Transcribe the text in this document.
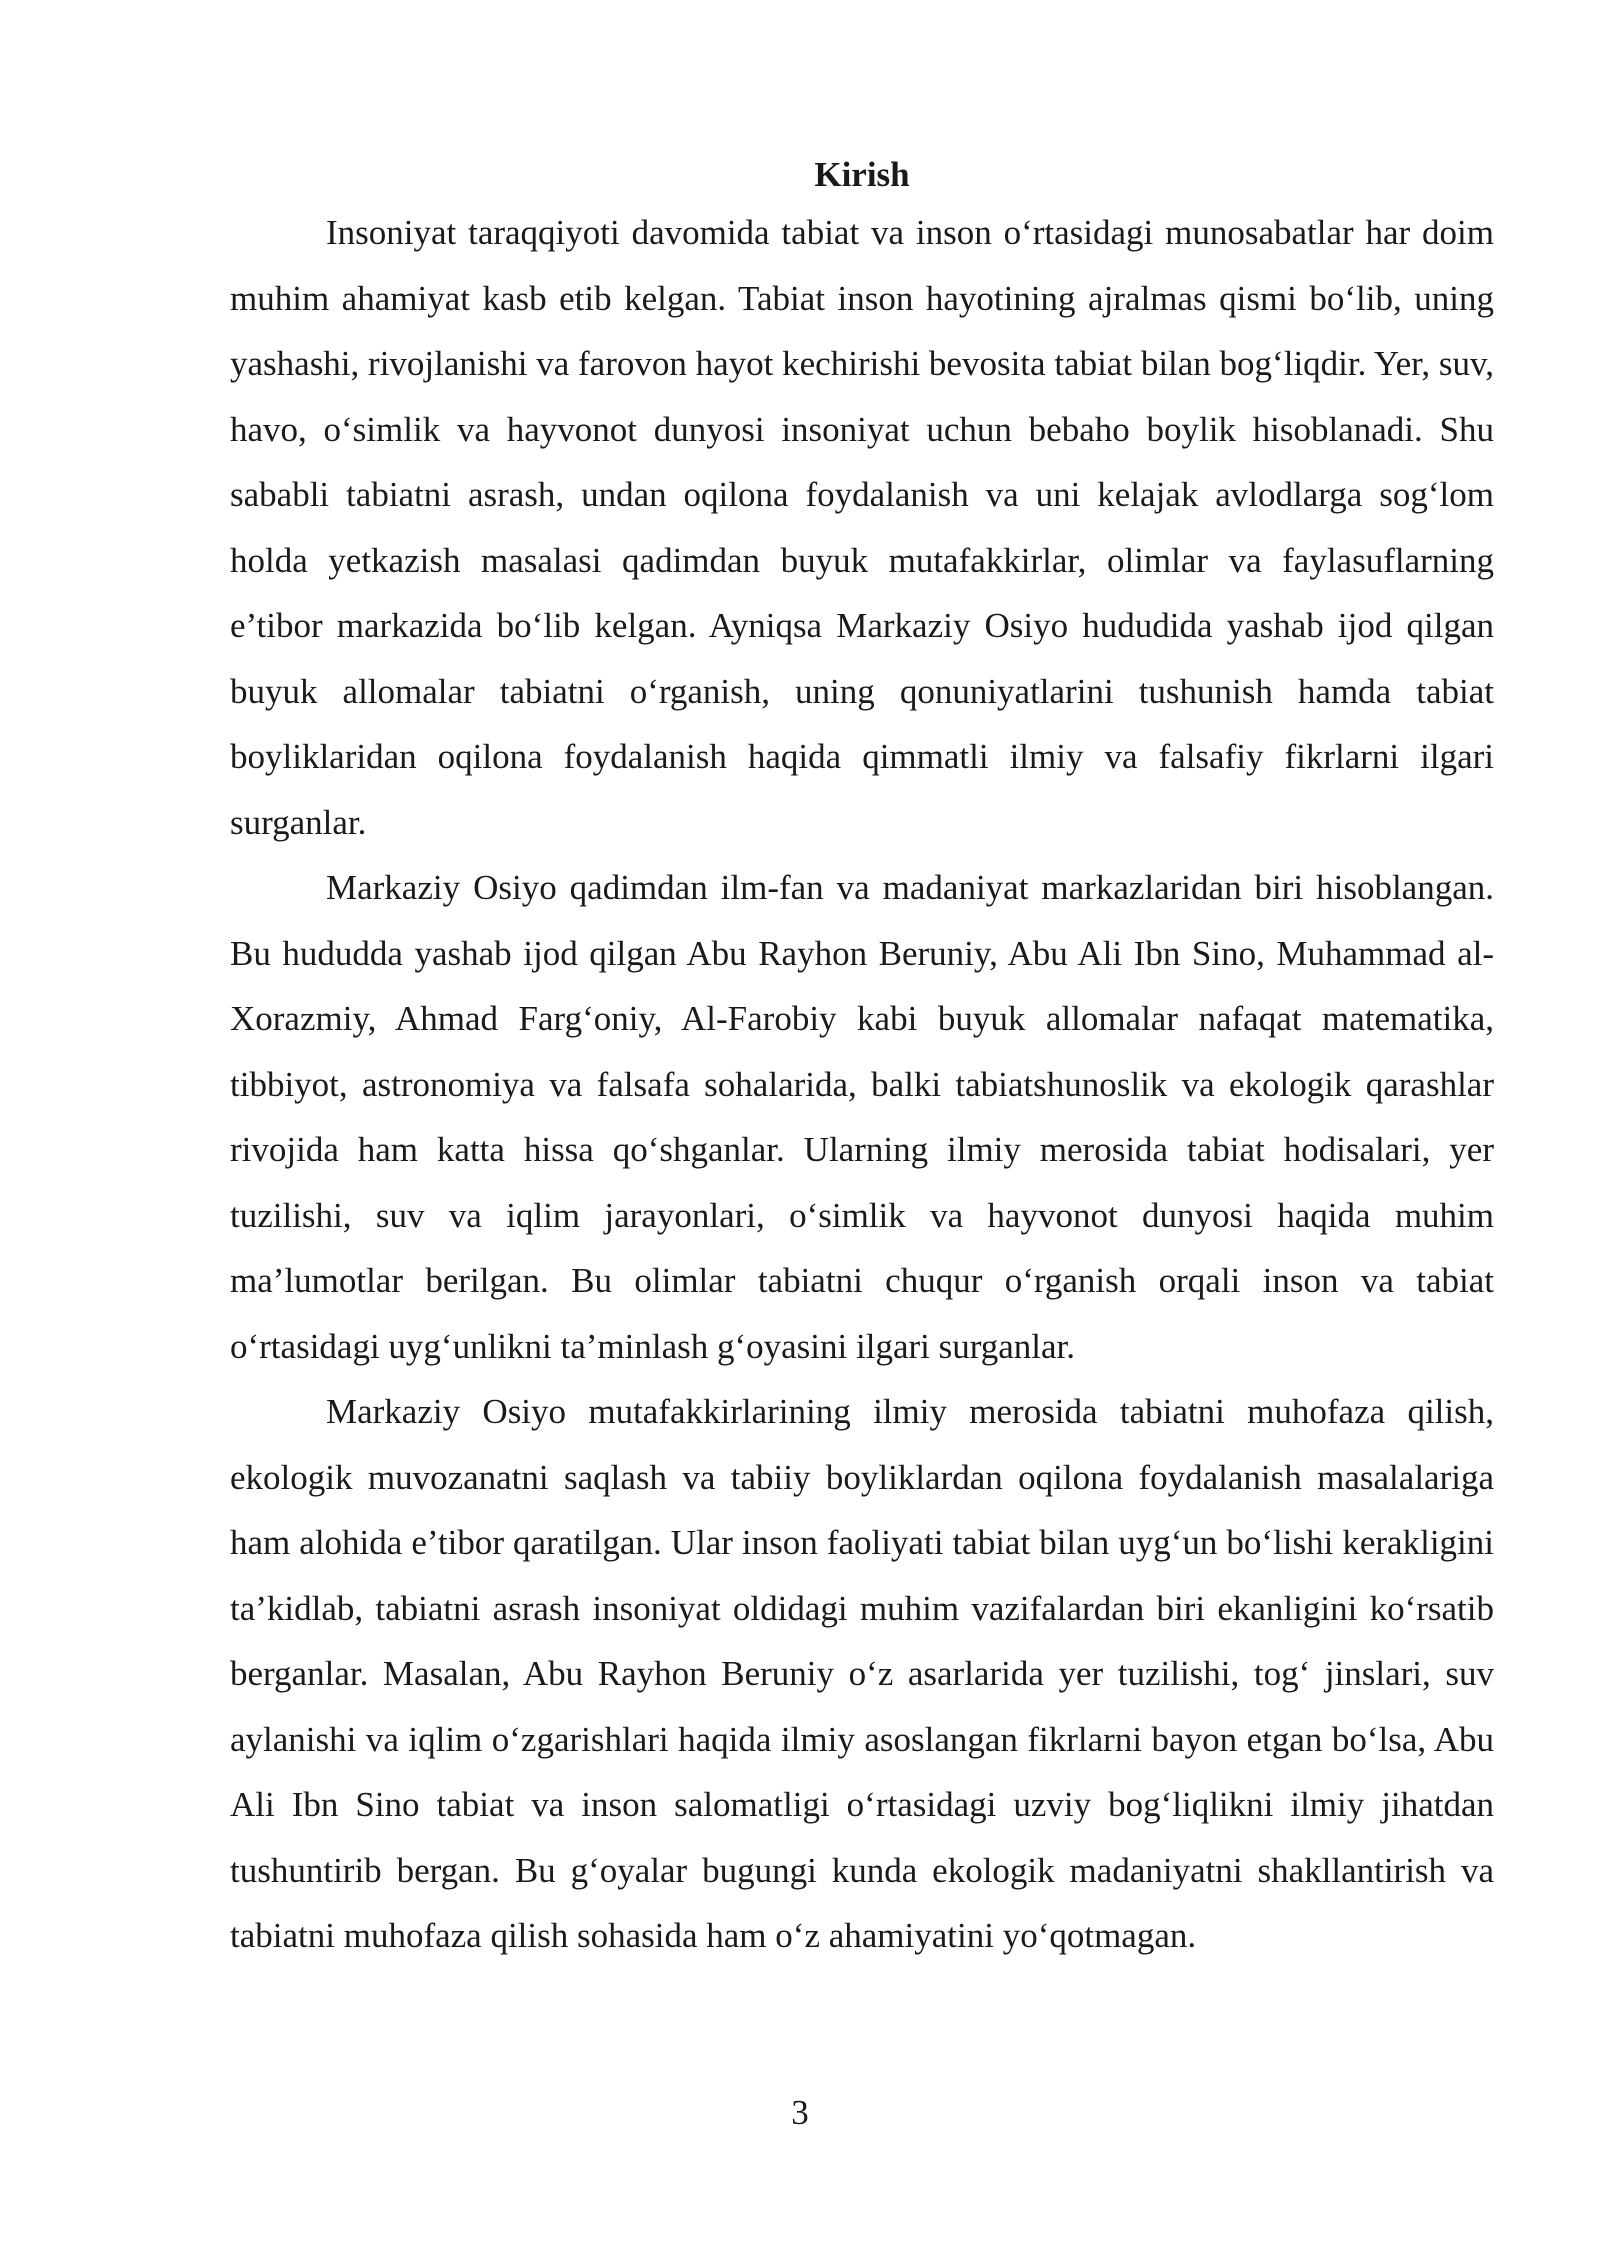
Kirish

Insoniyat taraqqiyoti davomida tabiat va inson o‘rtasidagi munosabatlar har doim muhim ahamiyat kasb etib kelgan. Tabiat inson hayotining ajralmas qismi bo‘lib, uning yashashi, rivojlanishi va farovon hayot kechirishi bevosita tabiat bilan bog‘liqdir. Yer, suv, havo, o‘simlik va hayvonot dunyosi insoniyat uchun bebaho boylik hisoblanadi. Shu sababli tabiatni asrash, undan oqilona foydalanish va uni kelajak avlodlarga sog‘lom holda yetkazish masalasi qadimdan buyuk mutafakkirlar, olimlar va faylasuflarning e’tibor markazida bo‘lib kelgan. Ayniqsa Markaziy Osiyo hududida yashab ijod qilgan buyuk allomalar tabiatni o‘rganish, uning qonuniyatlarini tushunish hamda tabiat boyliklaridan oqilona foydalanish haqida qimmatli ilmiy va falsafiy fikrlarni ilgari surganlar.

Markaziy Osiyo qadimdan ilm-fan va madaniyat markazlaridan biri hisoblangan. Bu hududda yashab ijod qilgan Abu Rayhon Beruniy, Abu Ali Ibn Sino, Muhammad al-Xorazmiy, Ahmad Farg‘oniy, Al-Farobiy kabi buyuk allomalar nafaqat matematika, tibbiyot, astronomiya va falsafa sohalarida, balki tabiatshunoslik va ekologik qarashlar rivojida ham katta hissa qo‘shganlar. Ularning ilmiy merosida tabiat hodisalari, yer tuzilishi, suv va iqlim jarayonlari, o‘simlik va hayvonot dunyosi haqida muhim ma’lumotlar berilgan. Bu olimlar tabiatni chuqur o‘rganish orqali inson va tabiat o‘rtasidagi uyg‘unlikni ta’minlash g‘oyasini ilgari surganlar.

Markaziy Osiyo mutafakkirlarining ilmiy merosida tabiatni muhofaza qilish, ekologik muvozanatni saqlash va tabiiy boyliklardan oqilona foydalanish masalalariga ham alohida e’tibor qaratilgan. Ular inson faoliyati tabiat bilan uyg‘un bo‘lishi kerakligini ta’kidlab, tabiatni asrash insoniyat oldidagi muhim vazifalardan biri ekanligini ko‘rsatib berganlar. Masalan, Abu Rayhon Beruniy o‘z asarlarida yer tuzilishi, tog‘ jinslari, suv aylanishi va iqlim o‘zgarishlari haqida ilmiy asoslangan fikrlarni bayon etgan bo‘lsa, Abu Ali Ibn Sino tabiat va inson salomatligi o‘rtasidagi uzviy bog‘liqlikni ilmiy jihatdan tushuntirib bergan. Bu g‘oyalar bugungi kunda ekologik madaniyatni shakllantirish va tabiatni muhofaza qilish sohasida ham o‘z ahamiyatini yo‘qotmagan.

3
